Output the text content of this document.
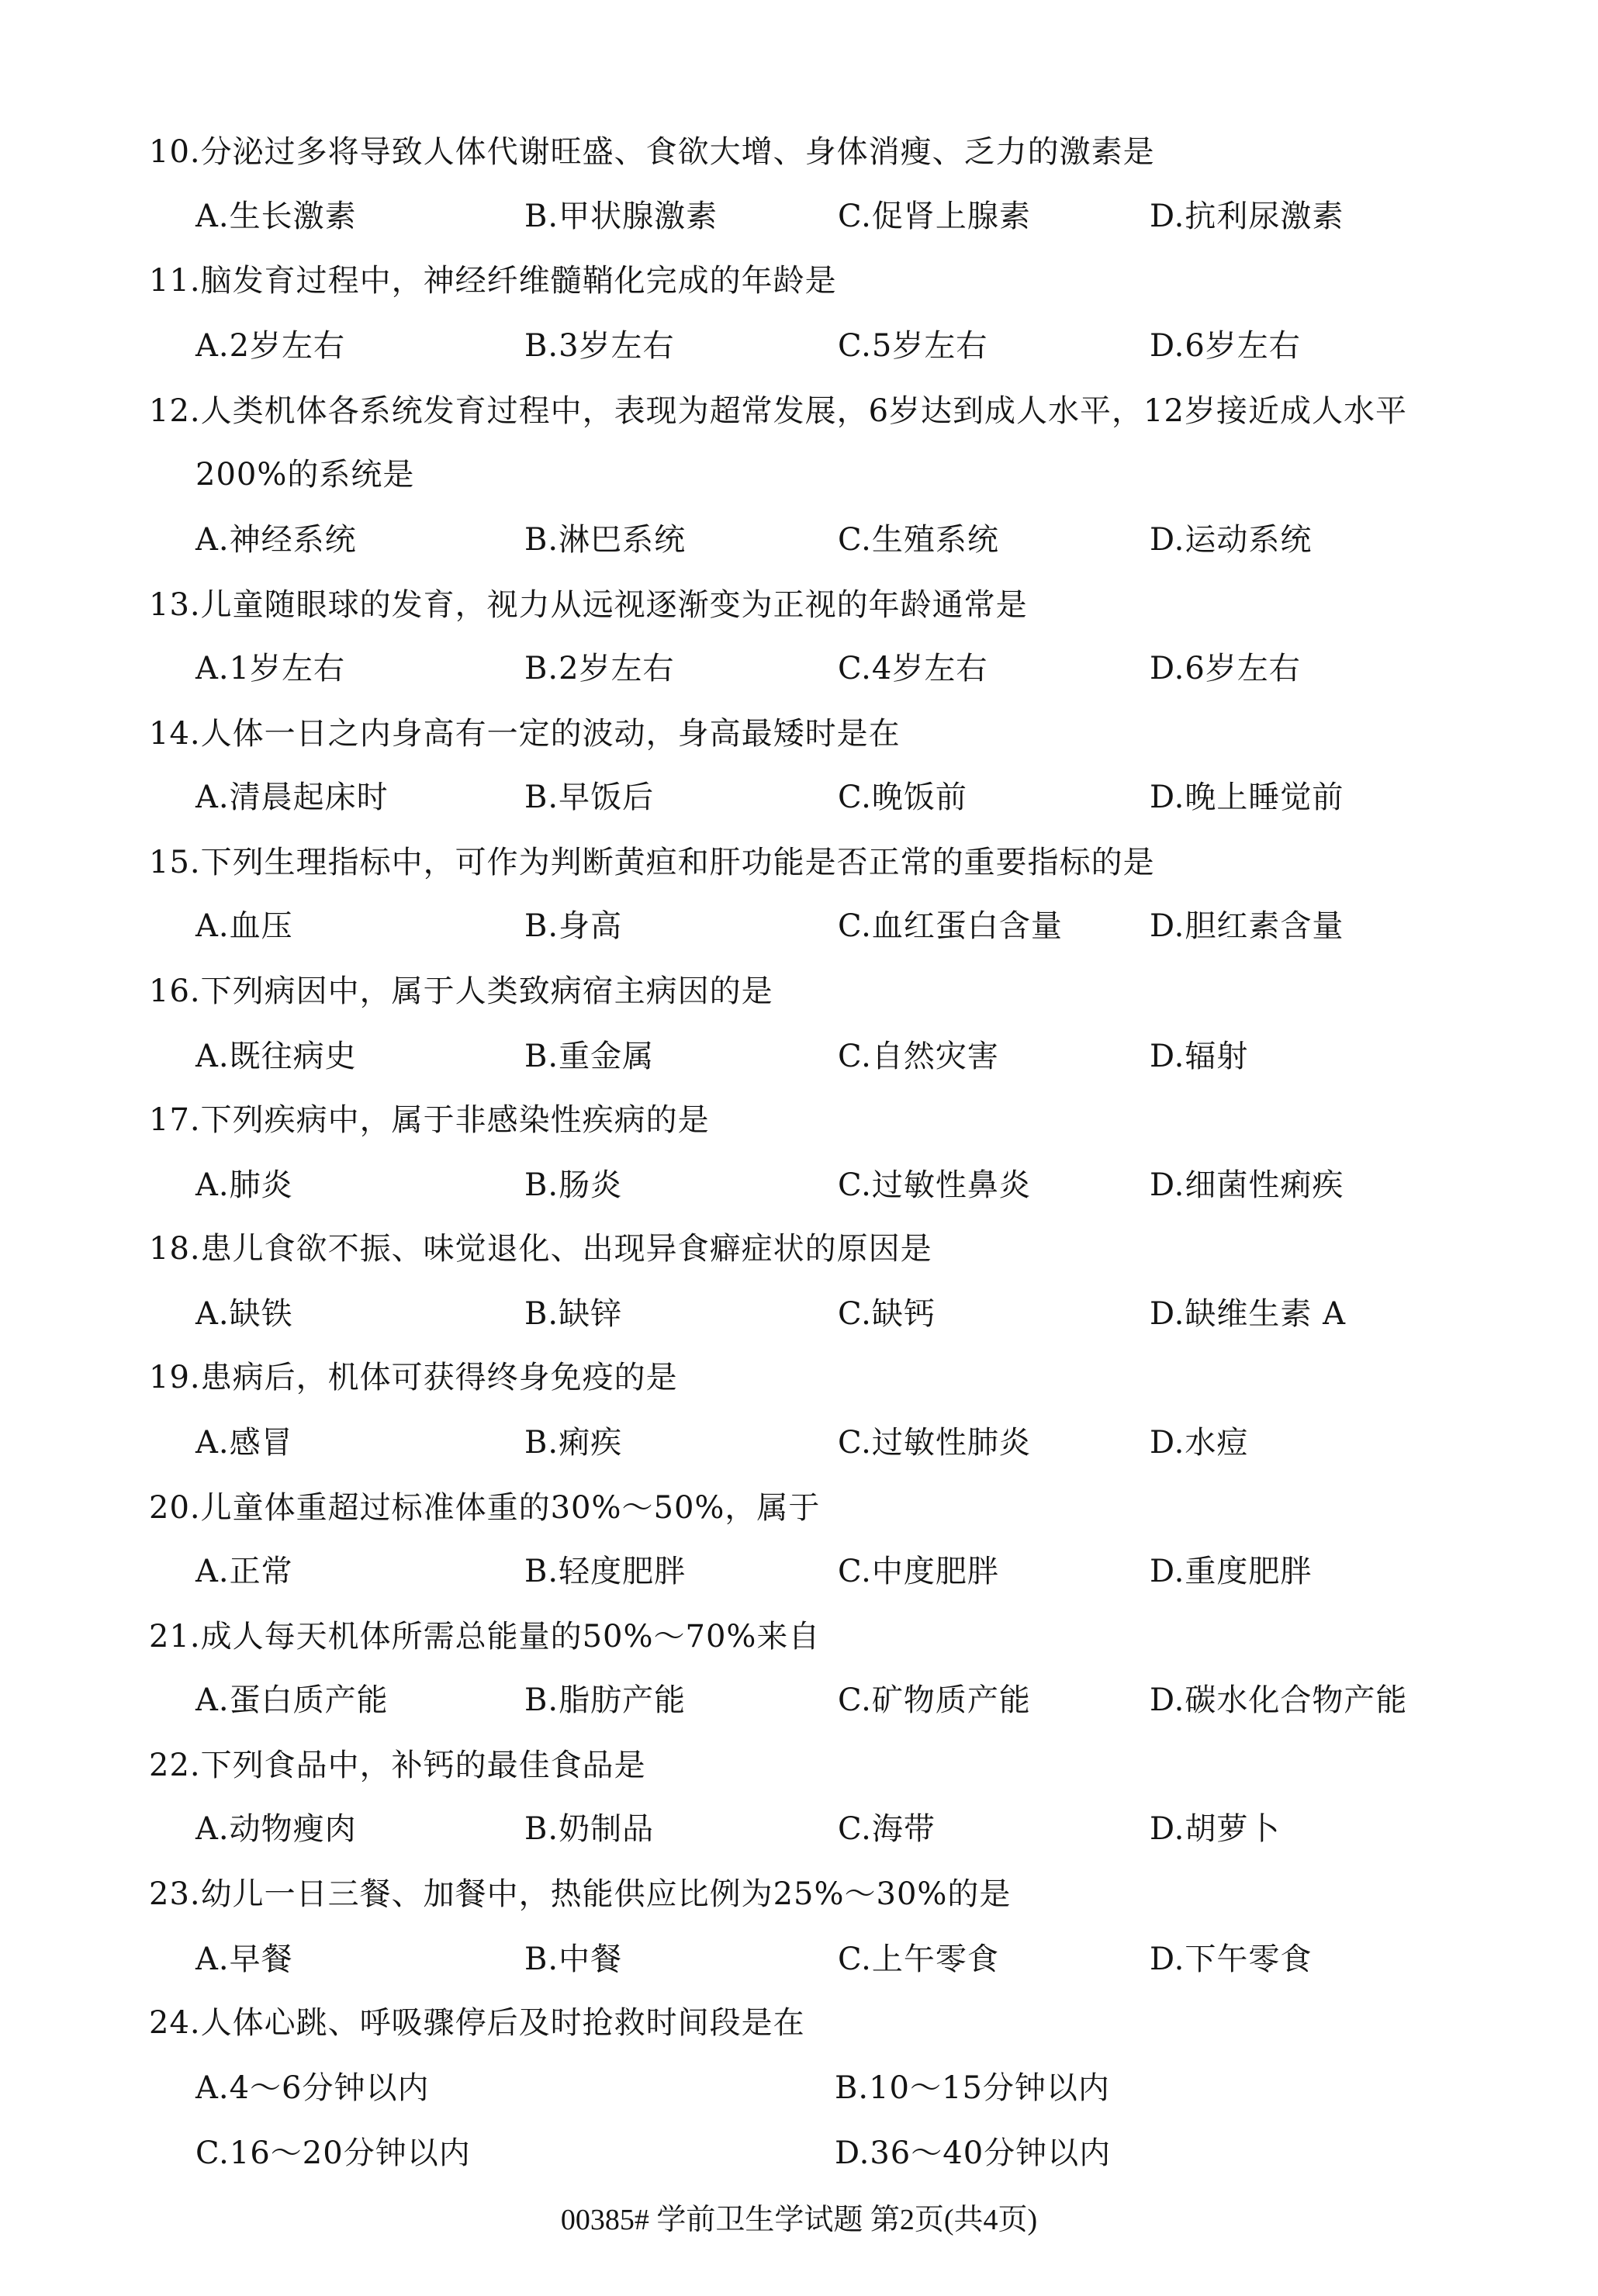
10.分泌过多将导致人体代谢旺盛、食欲大增、身体消瘦、乏力的激素是
A.生长激素	B.甲状腺激素	C.促肾上腺素	D.抗利尿激素
11.脑发育过程中，神经纤维髓鞘化完成的年龄是
A.2岁左右	B.3岁左右	C.5岁左右	D.6岁左右
12.人类机体各系统发育过程中，表现为超常发展，6岁达到成人水平，12岁接近成人水平
200%的系统是
A.神经系统	B.淋巴系统	C.生殖系统	D.运动系统
13.儿童随眼球的发育，视力从远视逐渐变为正视的年龄通常是
A.1岁左右	B.2岁左右	C.4岁左右	D.6岁左右
14.人体一日之内身高有一定的波动，身高最矮时是在
A.清晨起床时	B.早饭后	C.晚饭前	D.晚上睡觉前
15.下列生理指标中，可作为判断黄疸和肝功能是否正常的重要指标的是
A.血压	B.身高	C.血红蛋白含量	D.胆红素含量
16.下列病因中，属于人类致病宿主病因的是
A.既往病史	B.重金属	C.自然灾害	D.辐射
17.下列疾病中，属于非感染性疾病的是
A.肺炎	B.肠炎	C.过敏性鼻炎	D.细菌性痢疾
18.患儿食欲不振、味觉退化、出现异食癖症状的原因是
A.缺铁	B.缺锌	C.缺钙	D.缺维生素 A
19.患病后，机体可获得终身免疫的是
A.感冒	B.痢疾	C.过敏性肺炎	D.水痘
20.儿童体重超过标准体重的30%～50%，属于
A.正常	B.轻度肥胖	C.中度肥胖	D.重度肥胖
21.成人每天机体所需总能量的50%～70%来自
A.蛋白质产能	B.脂肪产能	C.矿物质产能	D.碳水化合物产能
22.下列食品中，补钙的最佳食品是
A.动物瘦肉	B.奶制品	C.海带	D.胡萝卜
23.幼儿一日三餐、加餐中，热能供应比例为25%～30%的是
A.早餐	B.中餐	C.上午零食	D.下午零食
24.人体心跳、呼吸骤停后及时抢救时间段是在
A.4～6分钟以内	B.10～15分钟以内
C.16～20分钟以内	D.36～40分钟以内
00385# 学前卫生学试题 第2页(共4页)
